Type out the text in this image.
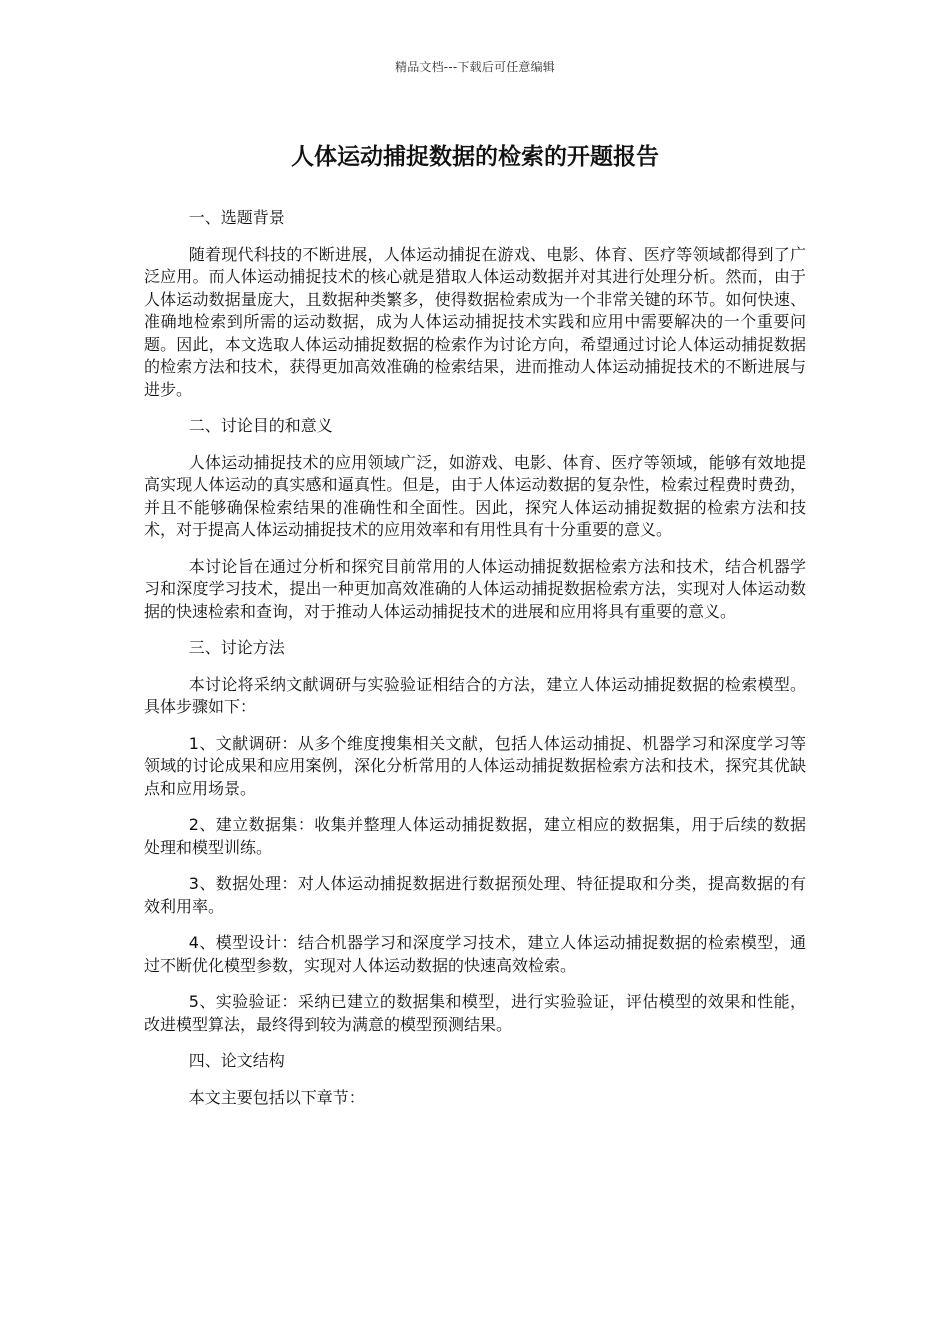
精品文档---下载后可任意编辑
人体运动捕捉数据的检索的开题报告

一、选题背景

随着现代科技的不断进展，人体运动捕捉在游戏、电影、体育、医疗等领域都得到了广泛应用。而人体运动捕捉技术的核心就是猎取人体运动数据并对其进行处理分析。然而，由于人体运动数据量庞大，且数据种类繁多，使得数据检索成为一个非常关键的环节。如何快速、准确地检索到所需的运动数据，成为人体运动捕捉技术实践和应用中需要解决的一个重要问题。因此，本文选取人体运动捕捉数据的检索作为讨论方向，希望通过讨论人体运动捕捉数据的检索方法和技术，获得更加高效准确的检索结果，进而推动人体运动捕捉技术的不断进展与进步。

二、讨论目的和意义

人体运动捕捉技术的应用领域广泛，如游戏、电影、体育、医疗等领域，能够有效地提高实现人体运动的真实感和逼真性。但是，由于人体运动数据的复杂性，检索过程费时费劲，并且不能够确保检索结果的准确性和全面性。因此，探究人体运动捕捉数据的检索方法和技术，对于提高人体运动捕捉技术的应用效率和有用性具有十分重要的意义。

本讨论旨在通过分析和探究目前常用的人体运动捕捉数据检索方法和技术，结合机器学习和深度学习技术，提出一种更加高效准确的人体运动捕捉数据检索方法，实现对人体运动数据的快速检索和查询，对于推动人体运动捕捉技术的进展和应用将具有重要的意义。

三、讨论方法

本讨论将采纳文献调研与实验验证相结合的方法，建立人体运动捕捉数据的检索模型。具体步骤如下：

1、文献调研：从多个维度搜集相关文献，包括人体运动捕捉、机器学习和深度学习等领域的讨论成果和应用案例，深化分析常用的人体运动捕捉数据检索方法和技术，探究其优缺点和应用场景。

2、建立数据集：收集并整理人体运动捕捉数据，建立相应的数据集，用于后续的数据处理和模型训练。

3、数据处理：对人体运动捕捉数据进行数据预处理、特征提取和分类，提高数据的有效利用率。

4、模型设计：结合机器学习和深度学习技术，建立人体运动捕捉数据的检索模型，通过不断优化模型参数，实现对人体运动数据的快速高效检索。

5、实验验证：采纳已建立的数据集和模型，进行实验验证，评估模型的效果和性能，改进模型算法，最终得到较为满意的模型预测结果。

四、论文结构

本文主要包括以下章节：
